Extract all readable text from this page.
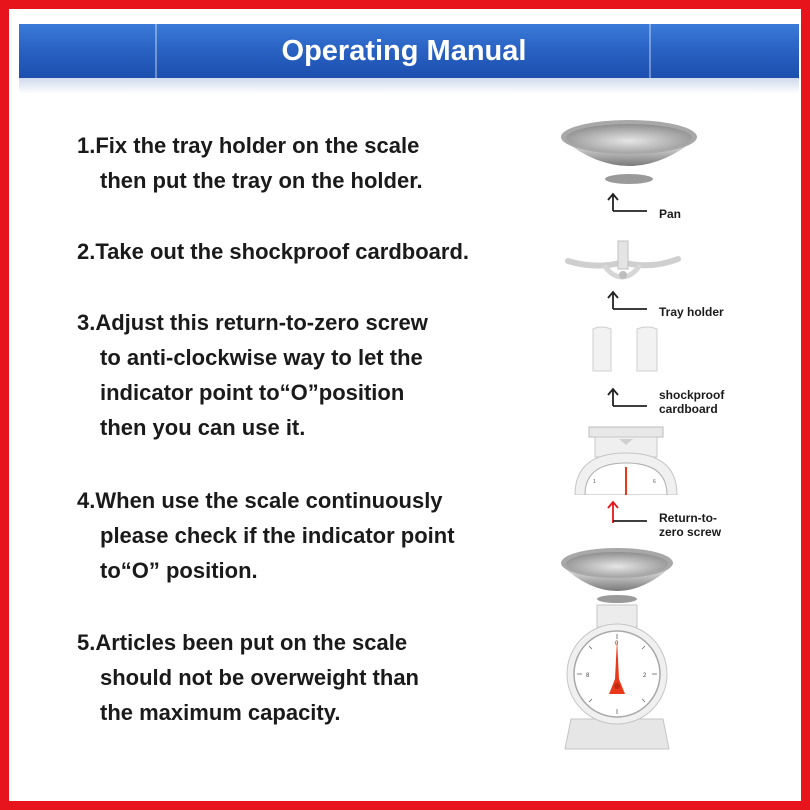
Operating Manual
1.Fix the tray holder on the scale
then put the tray on the holder.
2.Take out the shockproof cardboard.
3.Adjust this return-to-zero screw
to anti-clockwise way to let the
indicator point to“O”position
then you can use it.
4.When use the scale continuously
please check if the indicator point
to“O” position.
5.Articles been put on the scale
should not be overweight than
the maximum capacity.
Pan
Tray holder
shockproof
cardboard
1	6
Return-to-
zero screw
8	2
0
